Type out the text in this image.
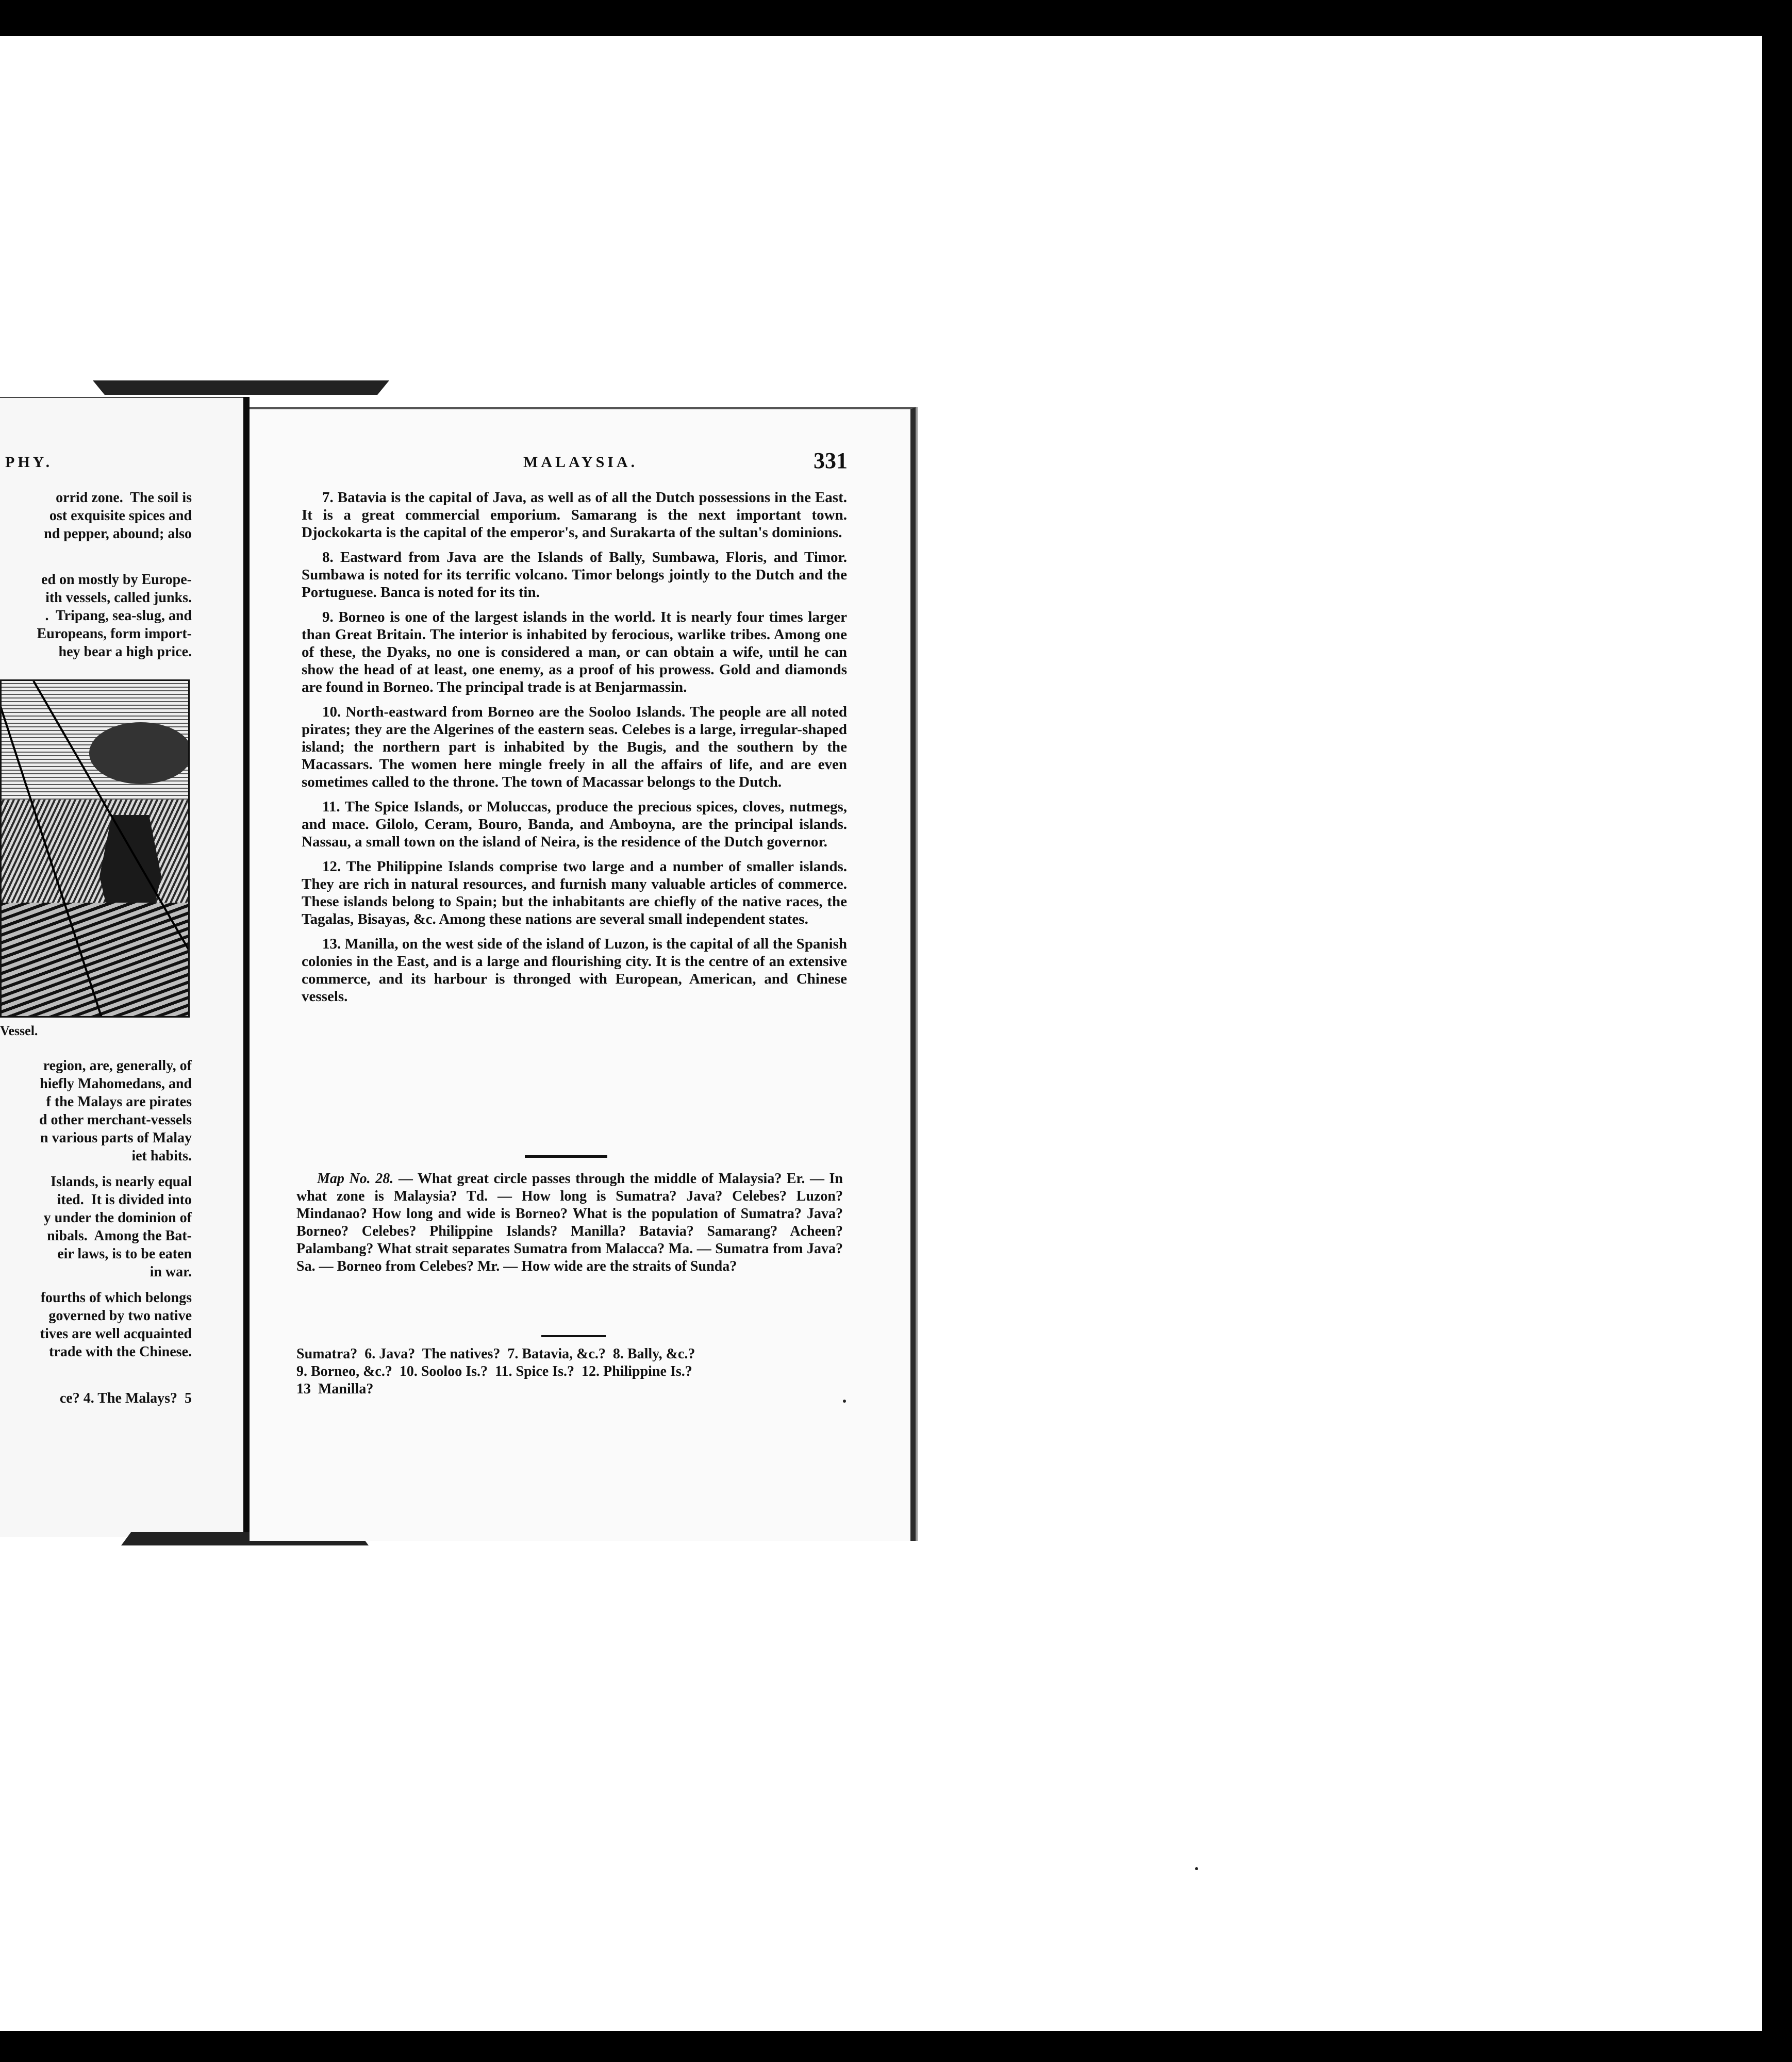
PHY.
orrid zone.  The soil is
ost exquisite spices and
nd pepper, abound; also
ed on mostly by Europe-
ith vessels, called junks.
.  Tripang, sea-slug, and
Europeans, form import-
hey bear a high price.
Vessel.
region, are, generally, of
hiefly Mahomedans, and
f the Malays are pirates
d other merchant-vessels
n various parts of Malay
iet habits.
Islands, is nearly equal
ited.  It is divided into
y under the dominion of
nibals.  Among the Bat-
eir laws, is to be eaten
in war.
fourths of which belongs
governed by two native
tives are well acquainted
trade with the Chinese.
ce? 4. The Malays?  5
MALAYSIA.	331

7. Batavia is the capital of Java, as well as of all the Dutch possessions in the East. It is a great commercial emporium. Samarang is the next important town. Djockokarta is the capital of the emperor's, and Surakarta of the sultan's dominions.

8. Eastward from Java are the Islands of Bally, Sumbawa, Floris, and Timor. Sumbawa is noted for its terrific volcano. Timor belongs jointly to the Dutch and the Portuguese. Banca is noted for its tin.

9. Borneo is one of the largest islands in the world. It is nearly four times larger than Great Britain. The interior is inhabited by ferocious, warlike tribes. Among one of these, the Dyaks, no one is considered a man, or can obtain a wife, until he can show the head of at least, one enemy, as a proof of his prowess. Gold and diamonds are found in Borneo. The principal trade is at Benjarmassin.

10. North-eastward from Borneo are the Sooloo Islands. The people are all noted pirates; they are the Algerines of the eastern seas. Celebes is a large, irregular-shaped island; the northern part is inhabited by the Bugis, and the southern by the Macassars. The women here mingle freely in all the affairs of life, and are even sometimes called to the throne. The town of Macassar belongs to the Dutch.

11. The Spice Islands, or Moluccas, produce the precious spices, cloves, nutmegs, and mace. Gilolo, Ceram, Bouro, Banda, and Amboyna, are the principal islands. Nassau, a small town on the island of Neira, is the residence of the Dutch governor.

12. The Philippine Islands comprise two large and a number of smaller islands. They are rich in natural resources, and furnish many valuable articles of commerce. These islands belong to Spain; but the inhabitants are chiefly of the native races, the Tagalas, Bisayas, &c. Among these nations are several small independent states.

13. Manilla, on the west side of the island of Luzon, is the capital of all the Spanish colonies in the East, and is a large and flourishing city. It is the centre of an extensive commerce, and its harbour is thronged with European, American, and Chinese vessels.

Map No. 28. — What great circle passes through the middle of Malaysia? Er. — In what zone is Malaysia? Td. — How long is Sumatra? Java? Celebes? Luzon? Mindanao? How long and wide is Borneo? What is the population of Sumatra? Java? Borneo? Celebes? Philippine Islands? Manilla? Batavia? Samarang? Acheen? Palambang? What strait separates Sumatra from Malacca? Ma. — Sumatra from Java? Sa. — Borneo from Celebes? Mr. — How wide are the straits of Sunda?
Sumatra?  6. Java?  The natives?  7. Batavia, &c.?  8. Bally, &c.?
9. Borneo, &c.?  10. Sooloo Is.?  11. Spice Is.?  12. Philippine Is.?
13  Manilla?
<
